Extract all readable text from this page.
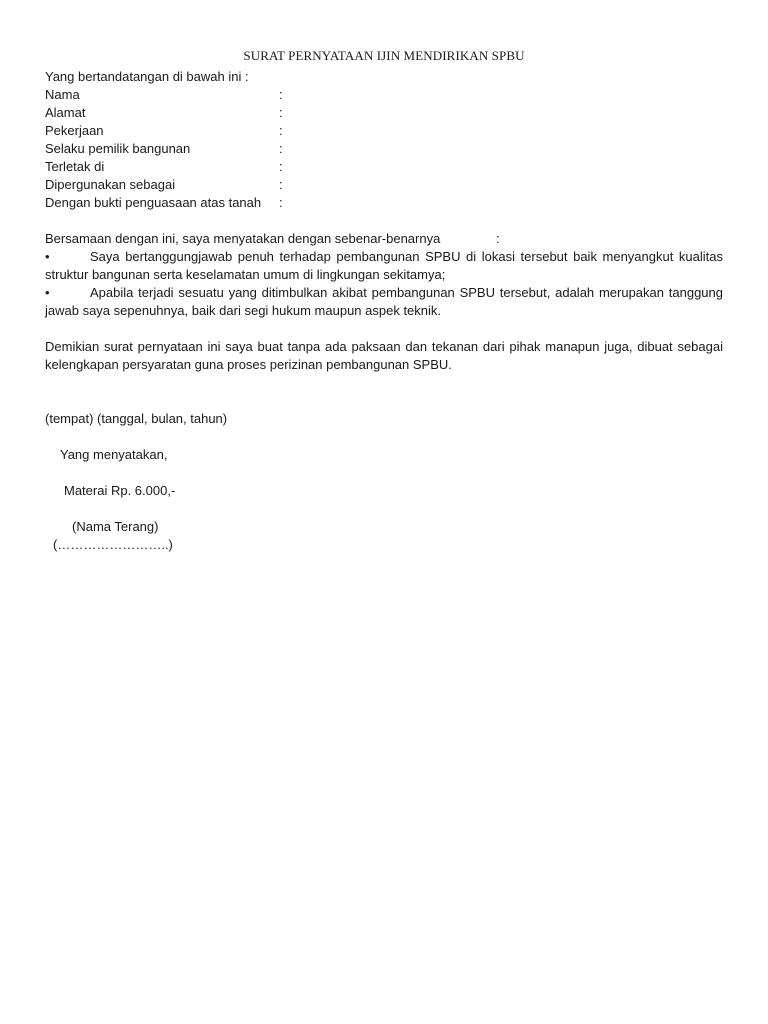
SURAT PERNYATAAN IJIN MENDIRIKAN SPBU
Yang bertandatangan di bawah ini :
Nama	:
Alamat	:
Pekerjaan	:
Selaku pemilik bangunan	:
Terletak di	:
Dipergunakan sebagai	:
Dengan bukti penguasaan atas tanah :
Bersamaan dengan ini, saya menyatakan dengan sebenar-benarnya	:
•	Saya bertanggungjawab penuh terhadap pembangunan SPBU di lokasi tersebut baik menyangkut kualitas struktur bangunan serta keselamatan umum di lingkungan sekitamya;
•	Apabila terjadi sesuatu yang ditimbulkan akibat pembangunan SPBU tersebut, adalah merupakan tanggung jawab saya sepenuhnya, baik dari segi hukum maupun aspek teknik.
Demikian surat pernyataan ini saya buat tanpa ada paksaan dan tekanan dari pihak manapun juga, dibuat sebagai kelengkapan persyaratan guna proses perizinan pembangunan SPBU.
(tempat) (tanggal, bulan, tahun)
Yang menyatakan,
Materai Rp. 6.000,-
(Nama Terang)
(……………………..)
